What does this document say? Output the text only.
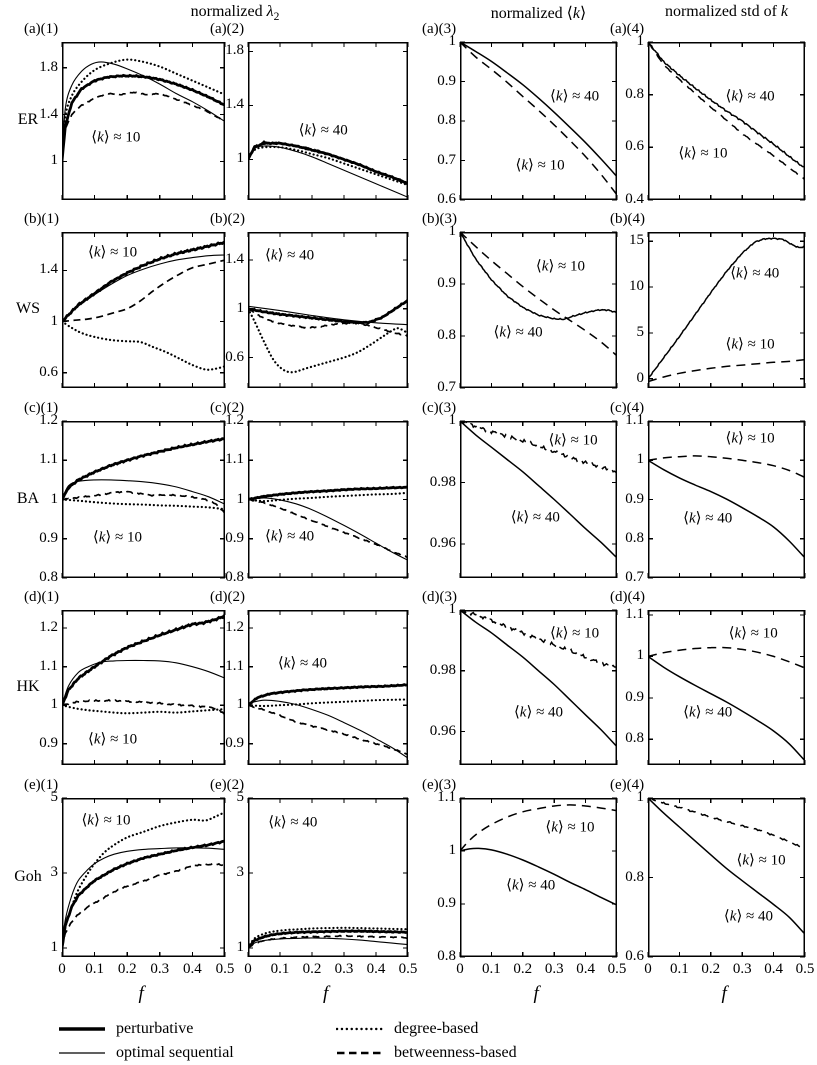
normalized $\lambda_2$	normalized ⟨k⟩	normalized std of k
(a)(1)
1
1.4
1.8
⟨k⟩ ≈ 10
(a)(2)
1
1.4
1.8
⟨k⟩ ≈ 40
(a)(3)
0.6
0.7
0.8
0.9
1
⟨k⟩ ≈ 40
⟨k⟩ ≈ 10
(a)(4)
0.4
0.6
0.8
1
⟨k⟩ ≈ 40
⟨k⟩ ≈ 10
(b)(1)
0.6
1
1.4
⟨k⟩ ≈ 10
(b)(2)
0.6
1
1.4 ⟨k⟩ ≈ 40
(b)(3)
0.7
0.8
0.9
1
⟨k⟩ ≈ 10
⟨k⟩ ≈ 40
(b)(4)
0
5
10
15
⟨k⟩ ≈ 40
⟨k⟩ ≈ 10
(c)(1)
0.8
0.9
1
1.1
1.2
⟨k⟩ ≈ 10
(c)(2)
0.8
0.9
1
1.1
1.2
⟨k⟩ ≈ 40
(c)(3)
0.96
0.98
1
⟨k⟩ ≈ 10
⟨k⟩ ≈ 40
(c)(4)
0.7
0.8
0.9
1
1.1
⟨k⟩ ≈ 10
⟨k⟩ ≈ 40
(d)(1)
0.9
1
1.1
1.2
⟨k⟩ ≈ 10
(d)(2)
0.9
1
1.1
1.2
⟨k⟩ ≈ 40
(d)(3)
0.96
0.98
1
⟨k⟩ ≈ 10
⟨k⟩ ≈ 40
(d)(4)
0.8
0.9
1
1.1
⟨k⟩ ≈ 10
⟨k⟩ ≈ 40
(e)(1)
1
3
5
⟨k⟩ ≈ 10
0	0.1 0.2 0.3 0.4 0.5
f
(e)(2)
1
3
5
⟨k⟩ ≈ 40
0	0.1 0.2 0.3 0.4 0.5
f
(e)(3)
0.8
0.9
1
1.1
⟨k⟩ ≈ 10
⟨k⟩ ≈ 40
0	0.1 0.2 0.3 0.4 0.5
f
(e)(4)
0.6
0.8
1
⟨k⟩ ≈ 10
⟨k⟩ ≈ 40
0	0.1 0.2 0.3 0.4 0.5
f
perturbative
optimal sequential
degree-based
betweenness-based
ER
WS
BA
HK
Goh
